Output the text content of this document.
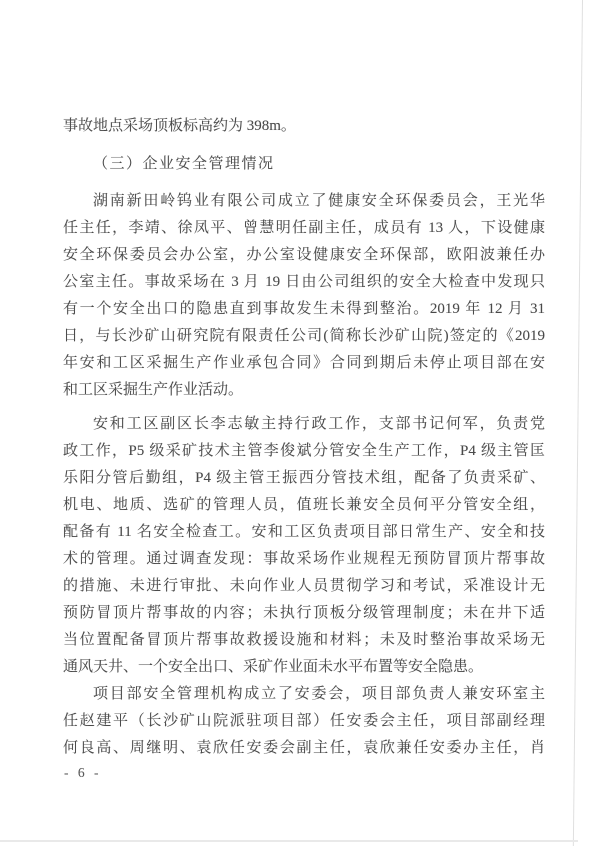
事故地点采场顶板标高约为 398m。
（三）企业安全管理情况
湖南新田岭钨业有限公司成立了健康安全环保委员会，王光华
任主任，李靖、徐凤平、曾慧明任副主任，成员有 13 人，下设健康
安全环保委员会办公室，办公室设健康安全环保部，欧阳波兼任办
公室主任。事故采场在 3 月 19 日由公司组织的安全大检查中发现只
有一个安全出口的隐患直到事故发生未得到整治。2019 年 12 月 31
日，与长沙矿山研究院有限责任公司(简称长沙矿山院)签定的《2019
年安和工区采掘生产作业承包合同》合同到期后未停止项目部在安
和工区采掘生产作业活动。
安和工区副区长李志敏主持行政工作，支部书记何军，负责党
政工作，P5 级采矿技术主管李俊斌分管安全生产工作，P4 级主管匡
乐阳分管后勤组，P4 级主管王振西分管技术组，配备了负责采矿、
机电、地质、选矿的管理人员，值班长兼安全员何平分管安全组，
配备有 11 名安全检查工。安和工区负责项目部日常生产、安全和技
术的管理。通过调查发现：事故采场作业规程无预防冒顶片帮事故
的措施、未进行审批、未向作业人员贯彻学习和考试，采准设计无
预防冒顶片帮事故的内容；未执行顶板分级管理制度；未在井下适
当位置配备冒顶片帮事故救援设施和材料；未及时整治事故采场无
通风天井、一个安全出口、采矿作业面未水平布置等安全隐患。
项目部安全管理机构成立了安委会，项目部负责人兼安环室主
任赵建平（长沙矿山院派驻项目部）任安委会主任，项目部副经理
何良高、周继明、袁欣任安委会副主任，袁欣兼任安委办主任，肖
- 6 -
